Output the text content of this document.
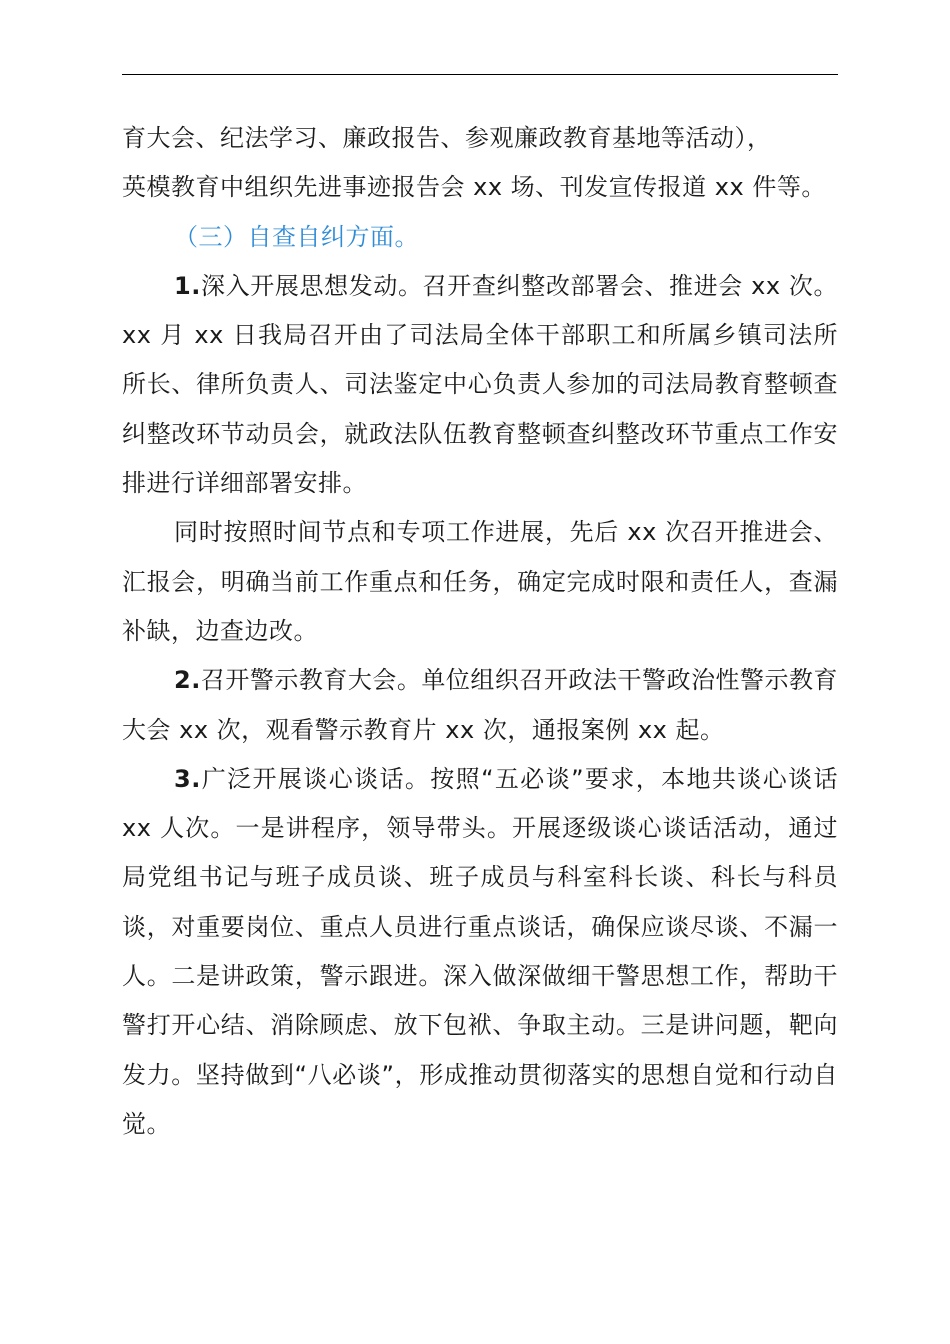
育大会、纪法学习、廉政报告、参观廉政教育基地等活动），
英模教育中组织先进事迹报告会 xx 场、刊发宣传报道 xx 件等。

（三）自查自纠方面。

1.深入开展思想发动。召开查纠整改部署会、推进会 xx 次。xx 月 xx 日我局召开由了司法局全体干部职工和所属乡镇司法所所长、律所负责人、司法鉴定中心负责人参加的司法局教育整顿查纠整改环节动员会，就政法队伍教育整顿查纠整改环节重点工作安排进行详细部署安排。

同时按照时间节点和专项工作进展，先后 xx 次召开推进会、汇报会，明确当前工作重点和任务，确定完成时限和责任人，查漏补缺，边查边改。

2.召开警示教育大会。单位组织召开政法干警政治性警示教育大会 xx 次，观看警示教育片 xx 次，通报案例 xx 起。

3.广泛开展谈心谈话。按照“五必谈”要求，本地共谈心谈话 xx 人次。一是讲程序，领导带头。开展逐级谈心谈话活动，通过局党组书记与班子成员谈、班子成员与科室科长谈、科长与科员谈，对重要岗位、重点人员进行重点谈话，确保应谈尽谈、不漏一人。二是讲政策，警示跟进。深入做深做细干警思想工作，帮助干警打开心结、消除顾虑、放下包袱、争取主动。三是讲问题，靶向发力。坚持做到“八必谈”，形成推动贯彻落实的思想自觉和行动自觉。
